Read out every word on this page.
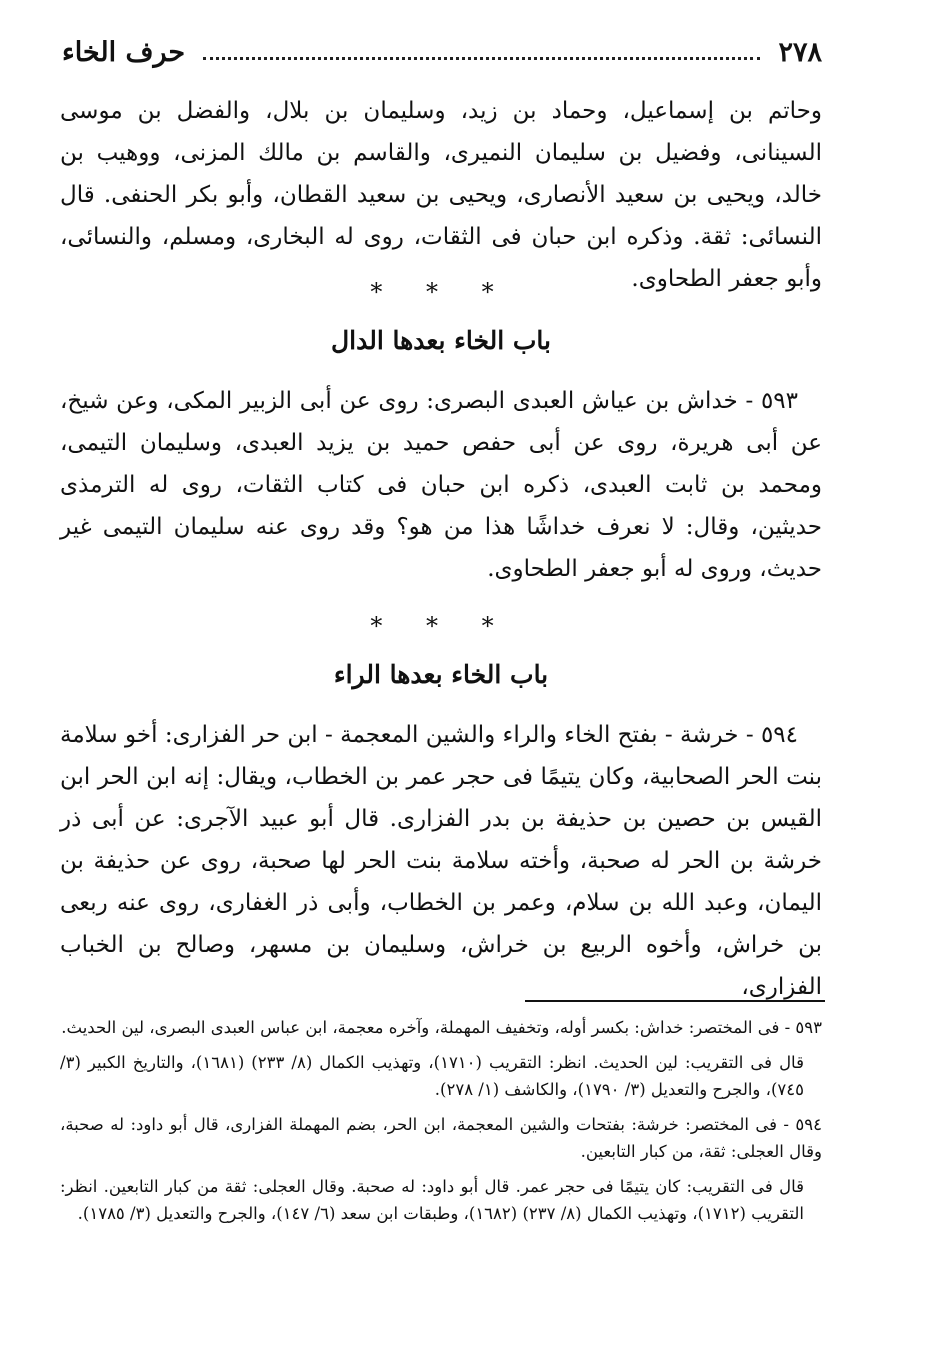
٢٧٨
حرف الخاء

وحاتم بن إسماعيل، وحماد بن زيد، وسليمان بن بلال، والفضل بن موسى السينانى، وفضيل بن سليمان النميرى، والقاسم بن مالك المزنى، ووهيب بن خالد، ويحيى بن سعيد الأنصارى، ويحيى بن سعيد القطان، وأبو بكر الحنفى. قال النسائى: ثقة. وذكره ابن حبان فى الثقات، روى له البخارى، ومسلم، والنسائى، وأبو جعفر الطحاوى.

* * *
باب الخاء بعدها الدال

٥٩٣ - خداش بن عياش العبدى البصرى: روى عن أبى الزبير المكى، وعن شيخ، عن أبى هريرة، روى عن أبى حفص حميد بن يزيد العبدى، وسليمان التيمى، ومحمد بن ثابت العبدى، ذكره ابن حبان فى كتاب الثقات، روى له الترمذى حديثين، وقال: لا نعرف خداشًا هذا من هو؟ وقد روى عنه سليمان التيمى غير حديث، وروى له أبو جعفر الطحاوى.

* * *
باب الخاء بعدها الراء

٥٩٤ - خرشة - بفتح الخاء والراء والشين المعجمة - ابن حر الفزارى: أخو سلامة بنت الحر الصحابية، وكان يتيمًا فى حجر عمر بن الخطاب، ويقال: إنه ابن الحر ابن القيس بن حصين بن حذيفة بن بدر الفزارى. قال أبو عبيد الآجرى: عن أبى ذر خرشة بن الحر له صحبة، وأخته سلامة بنت الحر لها صحبة، روى عن حذيفة بن اليمان، وعبد الله بن سلام، وعمر بن الخطاب، وأبى ذر الغفارى، روى عنه ربعى بن خراش، وأخوه الربيع بن خراش، وسليمان بن مسهر، وصالح بن الخباب الفزارى،

٥٩٣ - فى المختصر: خداش: بكسر أوله، وتخفيف المهملة، وآخره معجمة، ابن عباس العبدى البصرى، لين الحديث.

قال فى التقريب: لين الحديث. انظر: التقريب (١٧١٠)، وتهذيب الكمال (٨/ ٢٣٣) (١٦٨١)، والتاريخ الكبير (٣/ ٧٤٥)، والجرح والتعديل (٣/ ١٧٩٠)، والكاشف (١/ ٢٧٨).

٥٩٤ - فى المختصر: خرشة: بفتحات والشين المعجمة، ابن الحر، بضم المهملة الفزارى، قال أبو داود: له صحبة، وقال العجلى: ثقة، من كبار التابعين.

قال فى التقريب: كان يتيمًا فى حجر عمر. قال أبو داود: له صحبة. وقال العجلى: ثقة من كبار التابعين. انظر: التقريب (١٧١٢)، وتهذيب الكمال (٨/ ٢٣٧) (١٦٨٢)، وطبقات ابن سعد (٦/ ١٤٧)، والجرح والتعديل (٣/ ١٧٨٥).
